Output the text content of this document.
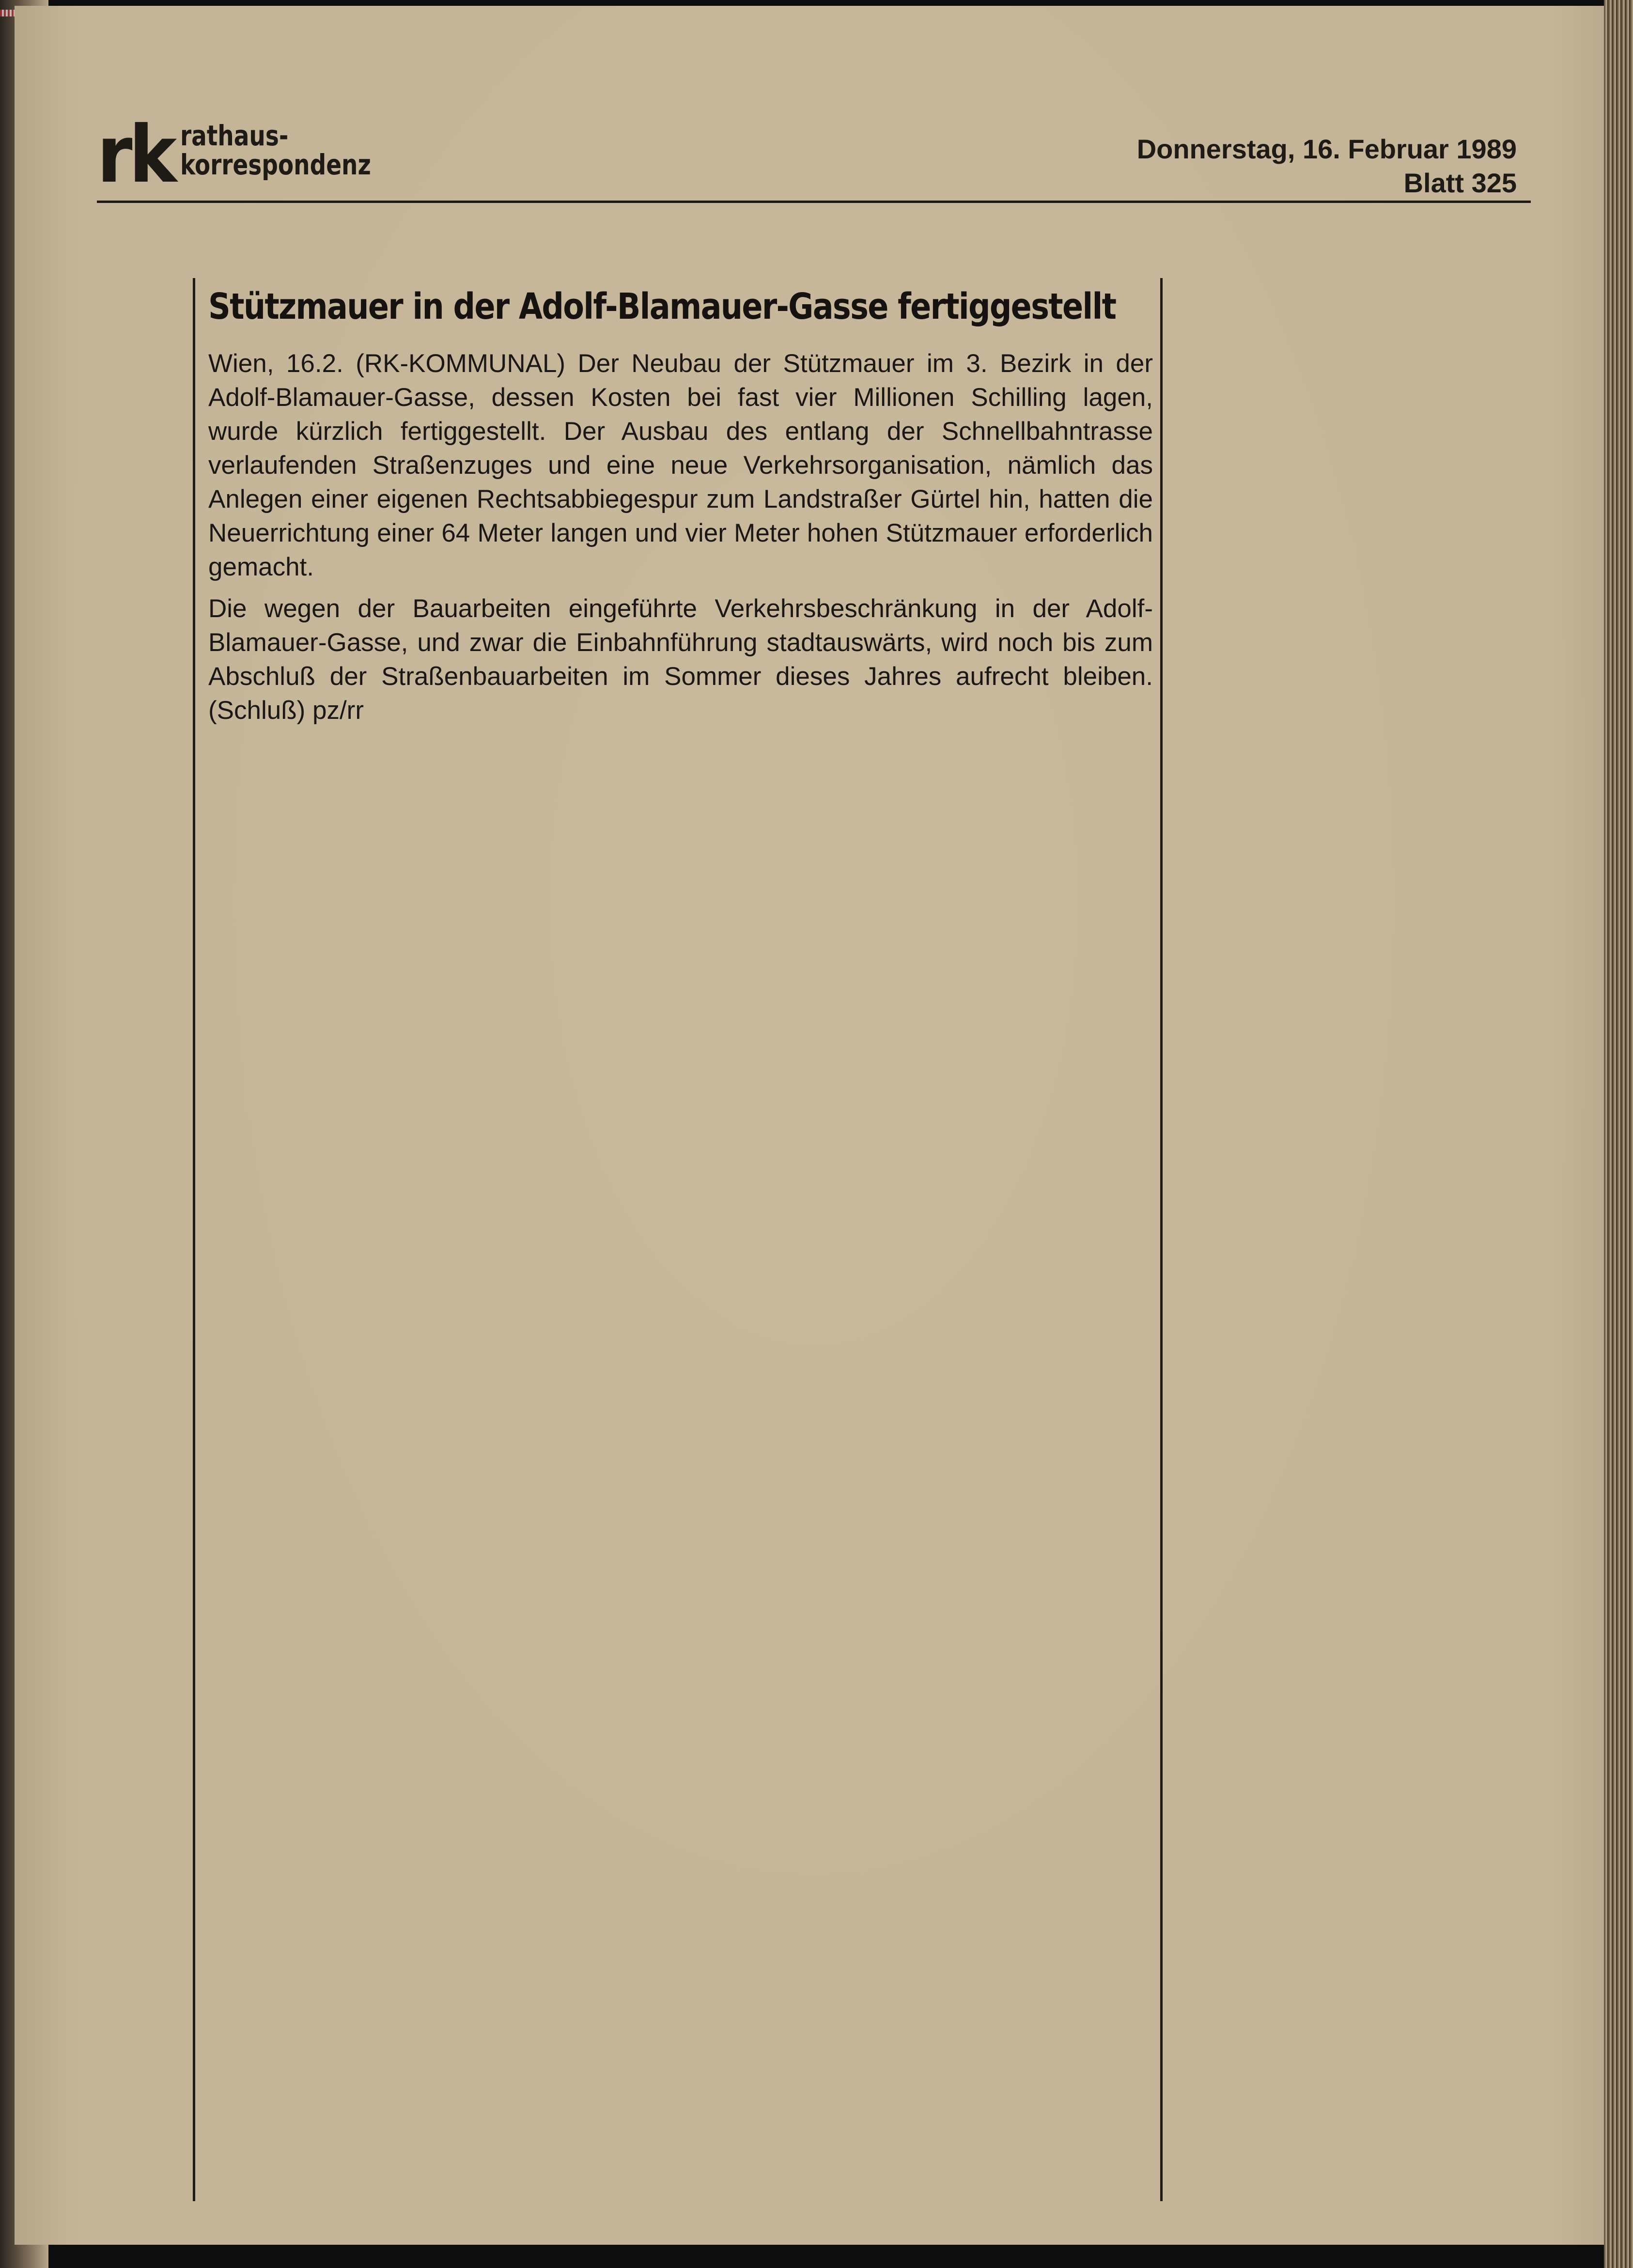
rk rathaus-
korrespondenz	Donnerstag, 16. Februar 1989
Blatt 325
Stützmauer in der Adolf-Blamauer-Gasse fertiggestellt

Wien, 16.2. (RK-KOMMUNAL) Der Neubau der Stützmauer im 3. Bezirk in der Adolf-Blamauer-Gasse, dessen Kosten bei fast vier Millionen Schilling lagen, wurde kürzlich fertiggestellt. Der Ausbau des entlang der Schnellbahntrasse verlaufenden Straßenzuges und eine neue Verkehrsorganisation, nämlich das Anlegen einer eigenen Rechtsabbiegespur zum Landstraßer Gürtel hin, hatten die Neuerrichtung einer 64 Meter langen und vier Meter hohen Stützmauer erforderlich gemacht.

Die wegen der Bauarbeiten eingeführte Verkehrsbeschränkung in der Adolf-Blamauer-Gasse, und zwar die Einbahnführung stadtauswärts, wird noch bis zum Abschluß der Straßenbauarbeiten im Sommer dieses Jahres aufrecht bleiben. (Schluß) pz/rr
